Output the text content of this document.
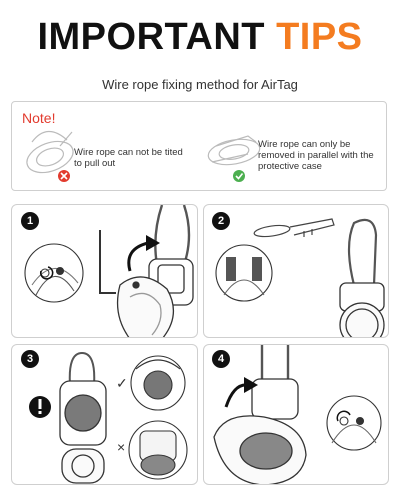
IMPORTANT TIPS
Wire rope fixing method for AirTag
Note!
Wire rope can not be tited to pull out
Wire rope can only be removed in parallel with the protective case
1	2
3
✓
×
4
